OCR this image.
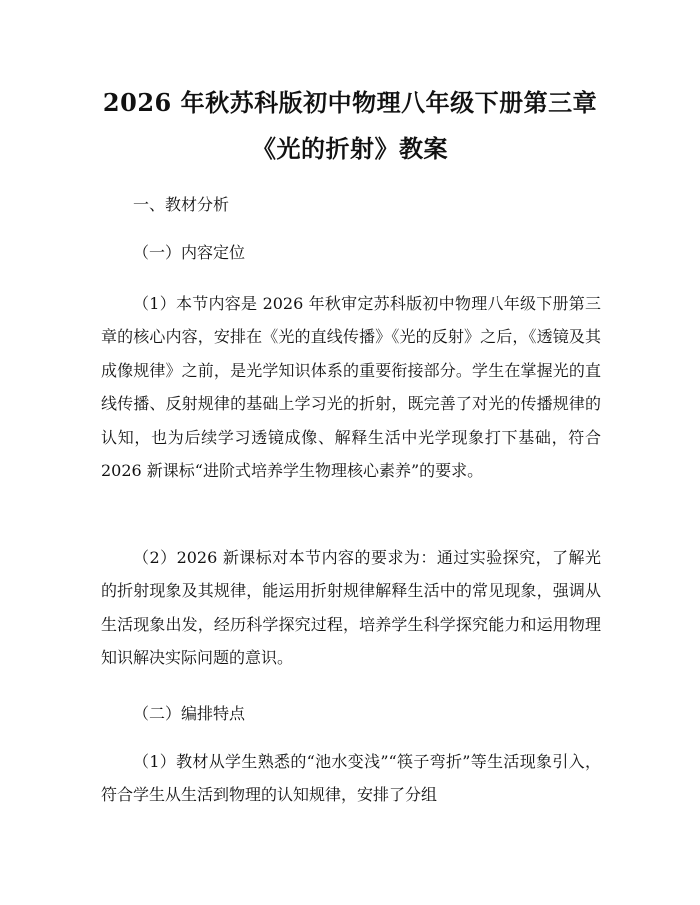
2026 年秋苏科版初中物理八年级下册第三章
《光的折射》教案
一、教材分析
（一）内容定位
（1）本节内容是 2026 年秋审定苏科版初中物理八年级下册第三章的核心内容，安排在《光的直线传播》《光的反射》之后，《透镜及其成像规律》之前，是光学知识体系的重要衔接部分。学生在掌握光的直线传播、反射规律的基础上学习光的折射，既完善了对光的传播规律的认知，也为后续学习透镜成像、解释生活中光学现象打下基础，符合 2026 新课标“进阶式培养学生物理核心素养”的要求。
（2）2026 新课标对本节内容的要求为：通过实验探究，了解光的折射现象及其规律，能运用折射规律解释生活中的常见现象，强调从生活现象出发，经历科学探究过程，培养学生科学探究能力和运用物理知识解决实际问题的意识。
（二）编排特点
（1）教材从学生熟悉的“池水变浅”“筷子弯折”等生活现象引入，符合学生从生活到物理的认知规律，安排了分组
